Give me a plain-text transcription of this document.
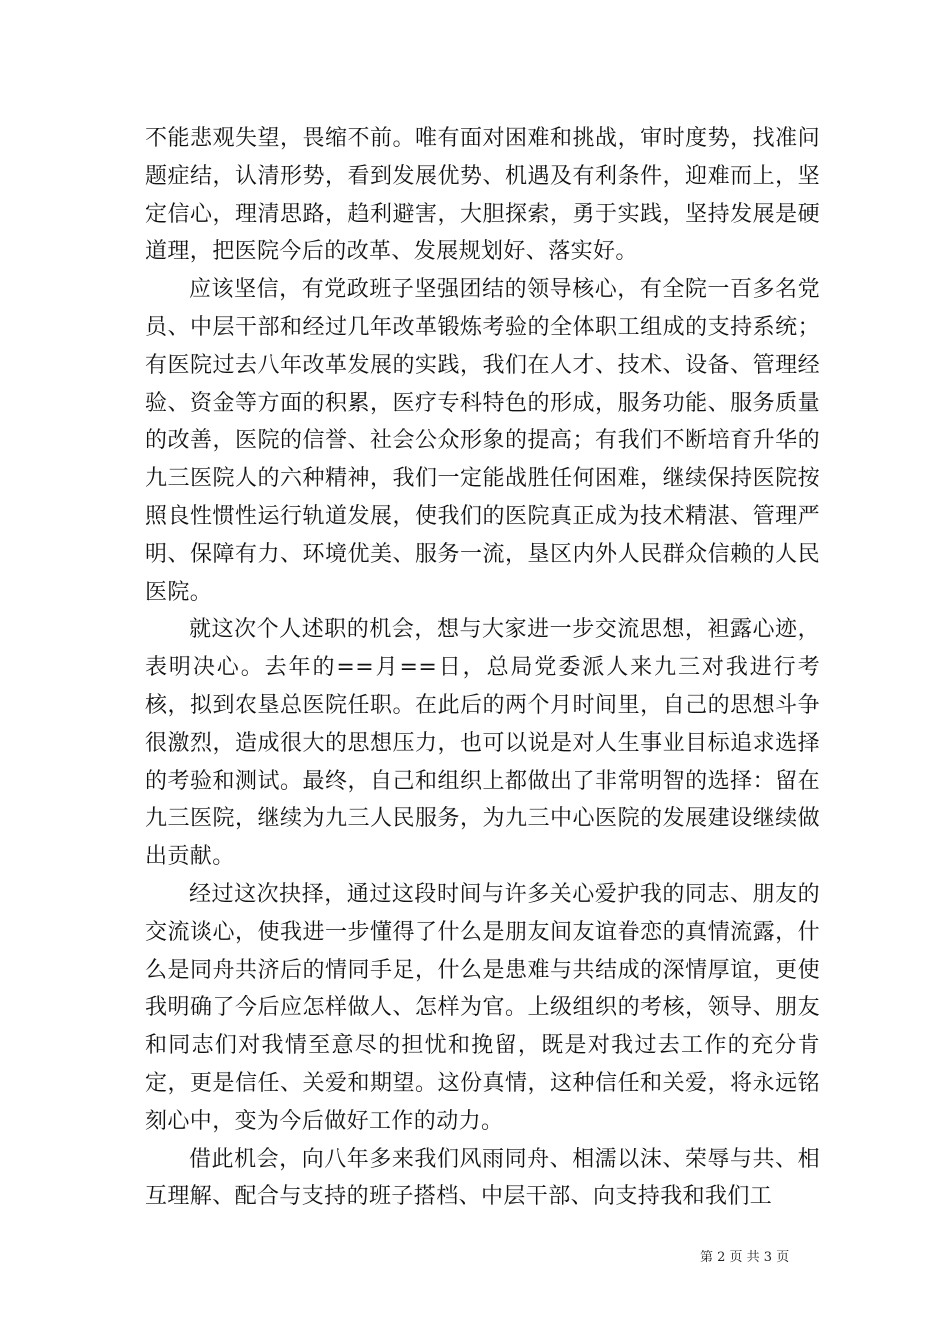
不能悲观失望，畏缩不前。唯有面对困难和挑战，审时度势，找准问题症结，认清形势，看到发展优势、机遇及有利条件，迎难而上，坚定信心，理清思路，趋利避害，大胆探索，勇于实践，坚持发展是硬道理，把医院今后的改革、发展规划好、落实好。

应该坚信，有党政班子坚强团结的领导核心，有全院一百多名党员、中层干部和经过几年改革锻炼考验的全体职工组成的支持系统；有医院过去八年改革发展的实践，我们在人才、技术、设备、管理经验、资金等方面的积累，医疗专科特色的形成，服务功能、服务质量的改善，医院的信誉、社会公众形象的提高；有我们不断培育升华的九三医院人的六种精神，我们一定能战胜任何困难，继续保持医院按照良性惯性运行轨道发展，使我们的医院真正成为技术精湛、管理严明、保障有力、环境优美、服务一流，垦区内外人民群众信赖的人民医院。

就这次个人述职的机会，想与大家进一步交流思想，袒露心迹，表明决心。去年的==月==日，总局党委派人来九三对我进行考核，拟到农垦总医院任职。在此后的两个月时间里，自己的思想斗争很激烈，造成很大的思想压力，也可以说是对人生事业目标追求选择的考验和测试。最终，自己和组织上都做出了非常明智的选择：留在九三医院，继续为九三人民服务，为九三中心医院的发展建设继续做出贡献。

经过这次抉择，通过这段时间与许多关心爱护我的同志、朋友的交流谈心，使我进一步懂得了什么是朋友间友谊眷恋的真情流露，什么是同舟共济后的情同手足，什么是患难与共结成的深情厚谊，更使我明确了今后应怎样做人、怎样为官。上级组织的考核，领导、朋友和同志们对我情至意尽的担忧和挽留，既是对我过去工作的充分肯定，更是信任、关爱和期望。这份真情，这种信任和关爱，将永远铭刻心中，变为今后做好工作的动力。

借此机会，向八年多来我们风雨同舟、相濡以沫、荣辱与共、相互理解、配合与支持的班子搭档、中层干部、向支持我和我们工

第 2 页 共 3 页
